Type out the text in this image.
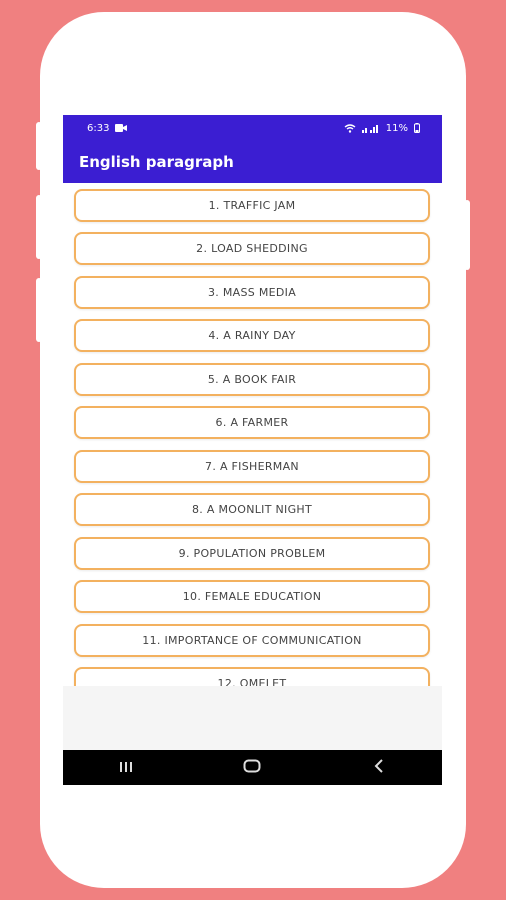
6:33	11%
English paragraph
1. TRAFFIC JAM
2. LOAD SHEDDING
3. MASS MEDIA
4. A RAINY DAY
5. A BOOK FAIR
6. A FARMER
7. A FISHERMAN
8. A MOONLIT NIGHT
9. POPULATION PROBLEM
10. FEMALE EDUCATION
11. IMPORTANCE OF COMMUNICATION
12. OMELET
